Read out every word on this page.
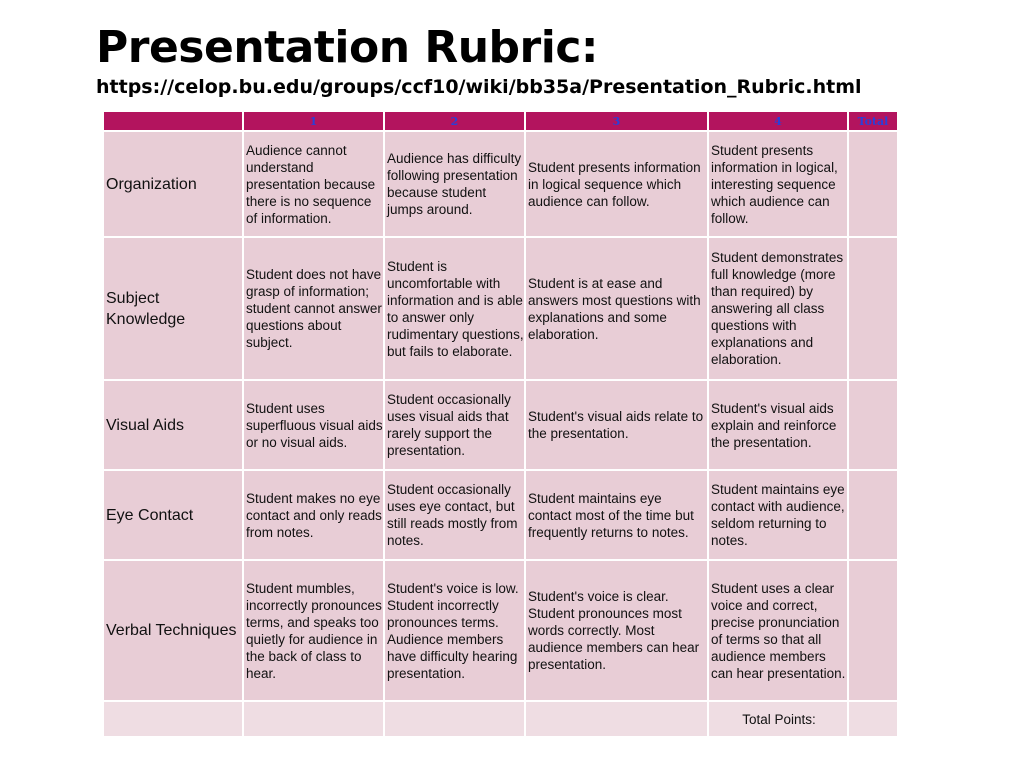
Presentation Rubric:
https://celop.bu.edu/groups/ccf10/wiki/bb35a/Presentation_Rubric.html
	1	2	3	4	Total
Organization	Audience cannot understand presentation because there is no sequence of information.	Audience has difficulty following presentation because student jumps around.	Student presents information in logical sequence which audience can follow.	Student presents information in logical, interesting sequence which audience can follow.	
Subject Knowledge	Student does not have grasp of information; student cannot answer questions about subject.	Student is uncomfortable with information and is able to answer only rudimentary questions, but fails to elaborate.	Student is at ease and answers most questions with explanations and some elaboration.	Student demonstrates full knowledge (more than required) by answering all class questions with explanations and elaboration.	
Visual Aids	Student uses superfluous visual aids or no visual aids.	Student occasionally uses visual aids that rarely support the presentation.	Student's visual aids relate to the presentation.	Student's visual aids explain and reinforce the presentation.	
Eye Contact	Student makes no eye contact and only reads from notes.	Student occasionally uses eye contact, but still reads mostly from notes.	Student maintains eye contact most of the time but frequently returns to notes.	Student maintains eye contact with audience, seldom returning to notes.	
Verbal Techniques	Student mumbles, incorrectly pronounces terms, and speaks too quietly for audience in the back of class to hear.	Student's voice is low. Student incorrectly pronounces terms. Audience members have difficulty hearing presentation.	Student's voice is clear. Student pronounces most words correctly. Most audience members can hear presentation.	Student uses a clear voice and correct, precise pronunciation of terms so that all audience members can hear presentation.	
				Total Points:	
